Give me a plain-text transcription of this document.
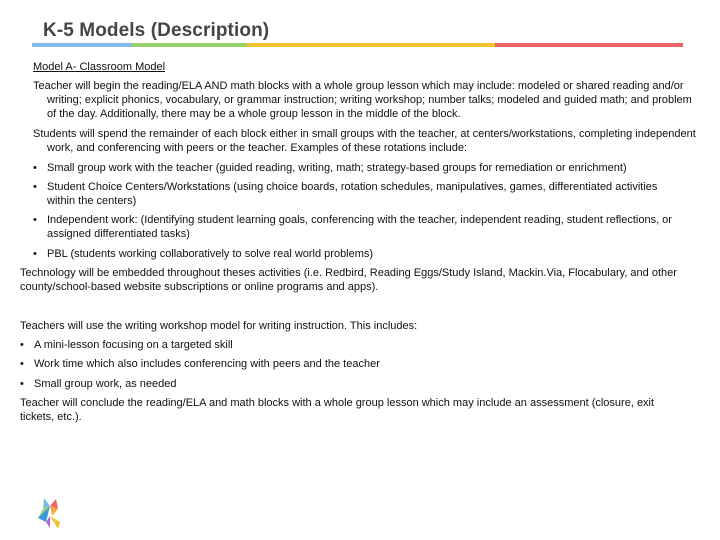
K-5 Models (Description)

Model A- Classroom Model

Teacher will begin the reading/ELA AND math blocks with a whole group lesson which may include: modeled or shared reading and/or writing; explicit phonics, vocabulary, or grammar instruction; writing workshop; number talks; modeled and guided math; and problem of the day. Additionally, there may be a whole group lesson in the middle of the block.

Students will spend the remainder of each block either in small groups with the teacher, at centers/workstations, completing independent work, and conferencing with peers or the teacher. Examples of these rotations include:

• Small group work with the teacher (guided reading, writing, math; strategy-based groups for remediation or enrichment)
• Student Choice Centers/Workstations (using choice boards, rotation schedules, manipulatives, games, differentiated activities within the centers)
• Independent work: (Identifying student learning goals, conferencing with the teacher, independent reading, student reflections, or assigned differentiated tasks)
• PBL (students working collaboratively to solve real world problems)

Technology will be embedded throughout theses activities (i.e. Redbird, Reading Eggs/Study Island, Mackin.Via, Flocabulary, and other county/school-based website subscriptions or online programs and apps).

Teachers will use the writing workshop model for writing instruction. This includes:

• A mini-lesson focusing on a targeted skill
• Work time which also includes conferencing with peers and the teacher
• Small group work, as needed

Teacher will conclude the reading/ELA and math blocks with a whole group lesson which may include an assessment (closure, exit tickets, etc.).
